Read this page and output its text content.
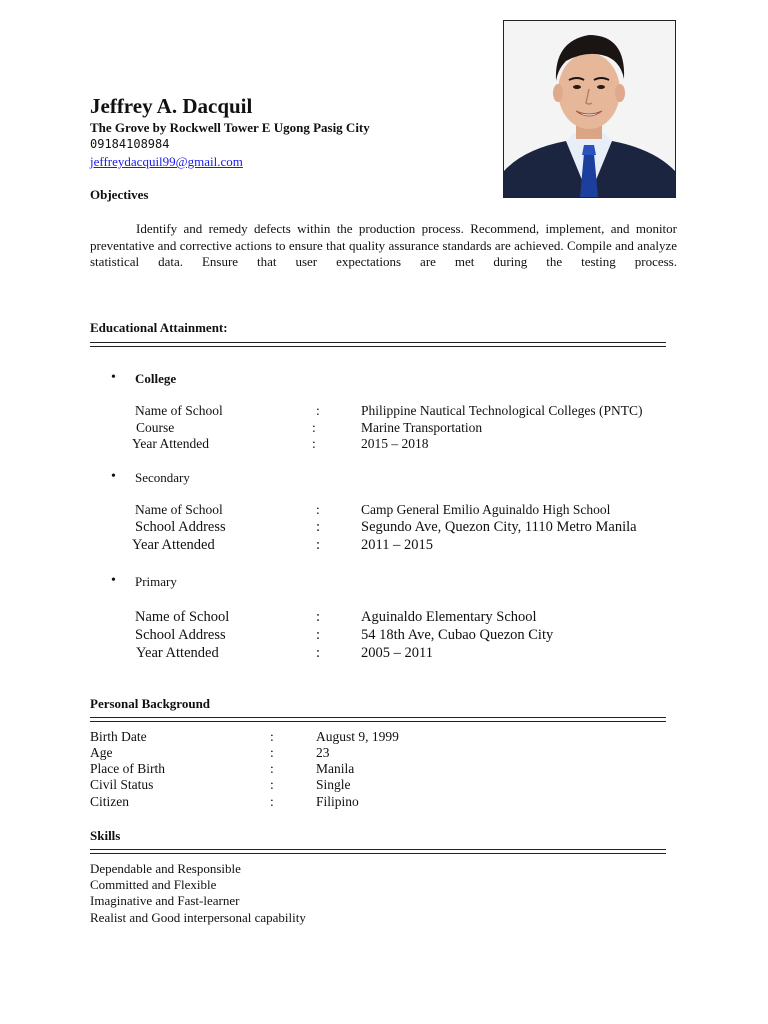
Jeffrey A. Dacquil
The Grove by Rockwell Tower E Ugong Pasig City
09184108984
jeffreydacquil99@gmail.com
Objectives
Identify and remedy defects within the production process. Recommend, implement, and monitor preventative and corrective actions to ensure that quality assurance standards are achieved. Compile and analyze statistical data. Ensure that user expectations are met during the testing process.
Educational Attainment:
• College
Name of School	:	Philippine Nautical Technological Colleges (PNTC)
Course	:	Marine Transportation
Year Attended	:	2015 – 2018
• Secondary
Name of School	:	Camp General Emilio Aguinaldo High School
School Address	:	Segundo Ave, Quezon City, 1110 Metro Manila
Year Attended	:	2011 – 2015
• Primary
Name of School	:	Aguinaldo Elementary School
School Address	:	54 18th Ave, Cubao Quezon City
Year Attended	:	2005 – 2011
Personal Background
Birth Date	:	August 9, 1999
Age	:	23
Place of Birth	:	Manila
Civil Status	:	Single
Citizen	:	Filipino
Skills
Dependable and Responsible
Committed and Flexible
Imaginative and Fast-learner
Realist and Good interpersonal capability
